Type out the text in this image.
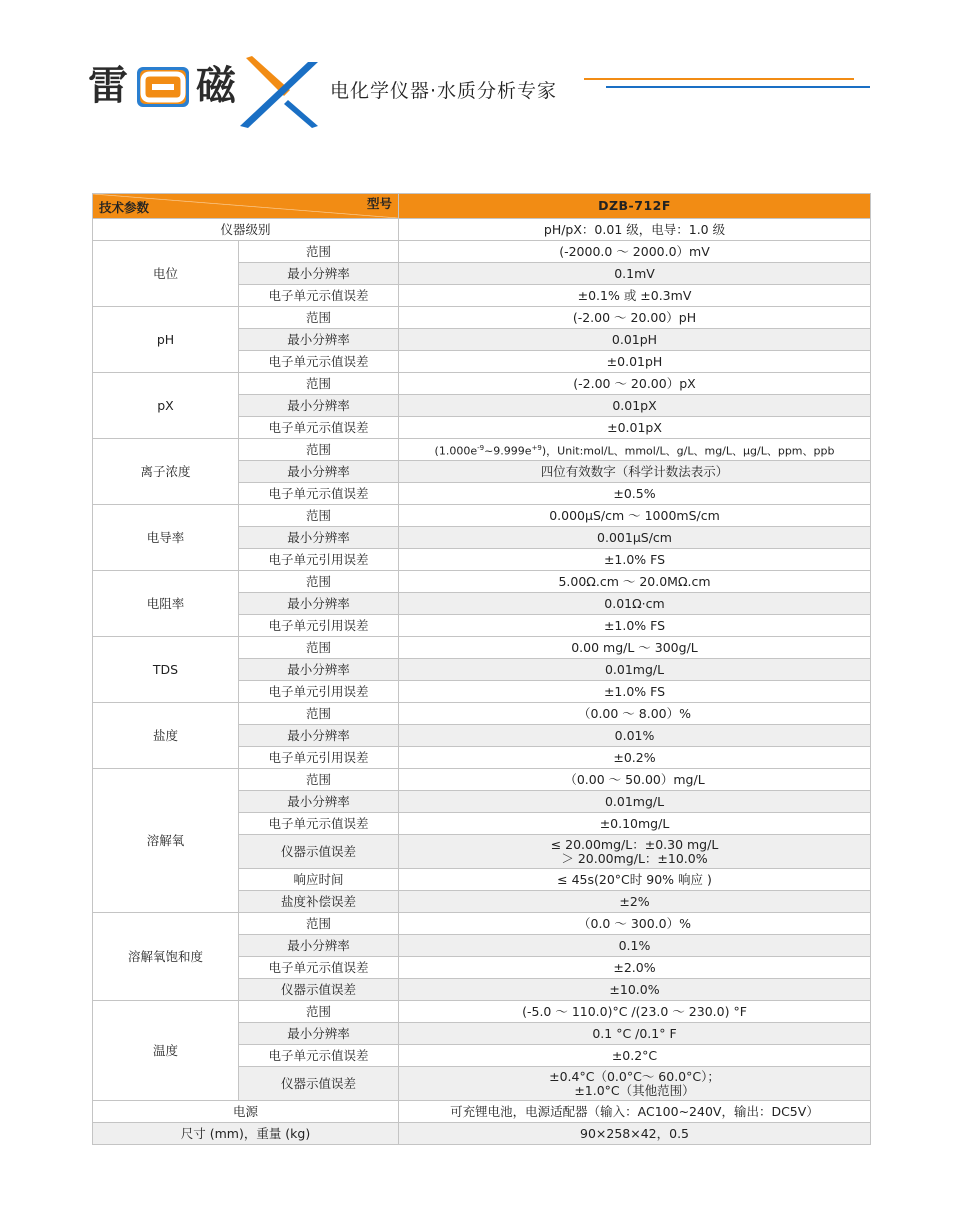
雷 磁	电化学仪器·水质分析专家
技术参数 型号		DZB-712F
仪器级别		pH/pX：0.01 级，电导：1.0 级
电位	范围	(-2000.0 ～ 2000.0）mV
	最小分辨率	0.1mV
	电子单元示值误差	±0.1% 或 ±0.3mV
pH	范围	(-2.00 ～ 20.00）pH
	最小分辨率	0.01pH
	电子单元示值误差	±0.01pH
pX	范围	(-2.00 ～ 20.00）pX
	最小分辨率	0.01pX
	电子单元示值误差	±0.01pX
离子浓度	范围	$(1.000e^{-9}\sim 9.999e^{+9})$，Unit:mol/L、mmol/L、g/L、mg/L、μg/L、ppm、ppb
	最小分辨率	四位有效数字（科学计数法表示）
	电子单元示值误差	±0.5%
电导率	范围	0.000μS/cm ～ 1000mS/cm
	最小分辨率	0.001μS/cm
	电子单元引用误差	±1.0% FS
电阻率	范围	5.00Ω.cm ～ 20.0MΩ.cm
	最小分辨率	0.01Ω·cm
	电子单元引用误差	±1.0% FS
TDS	范围	0.00 mg/L ～ 300g/L
	最小分辨率	0.01mg/L
	电子单元引用误差	±1.0% FS
盐度	范围	（0.00 ～ 8.00）%
	最小分辨率	0.01%
	电子单元引用误差	±0.2%
溶解氧	范围	（0.00 ～ 50.00）mg/L
	最小分辨率	0.01mg/L
	电子单元示值误差	±0.10mg/L
	仪器示值误差	≤ 20.00mg/L：±0.30 mg/L
＞ 20.00mg/L：±10.0%

	响应时间	≤ 45s(20°C时 90% 响应 )
	盐度补偿误差	±2%
溶解氧饱和度	范围	（0.0 ～ 300.0）%
	最小分辨率	0.1%
	电子单元示值误差	±2.0%
	仪器示值误差	±10.0%
温度	范围	(-5.0 ～ 110.0)°C /(23.0 ～ 230.0) °F
	最小分辨率	0.1 °C /0.1° F
	电子单元示值误差	±0.2°C
	仪器示值误差	±0.4°C（0.0°C～ 60.0°C）；
±1.0°C（其他范围）

电源		可充锂电池，电源适配器（输入：AC100~240V，输出：DC5V）
尺寸 (mm)，重量 (kg)		90×258×42，0.5
